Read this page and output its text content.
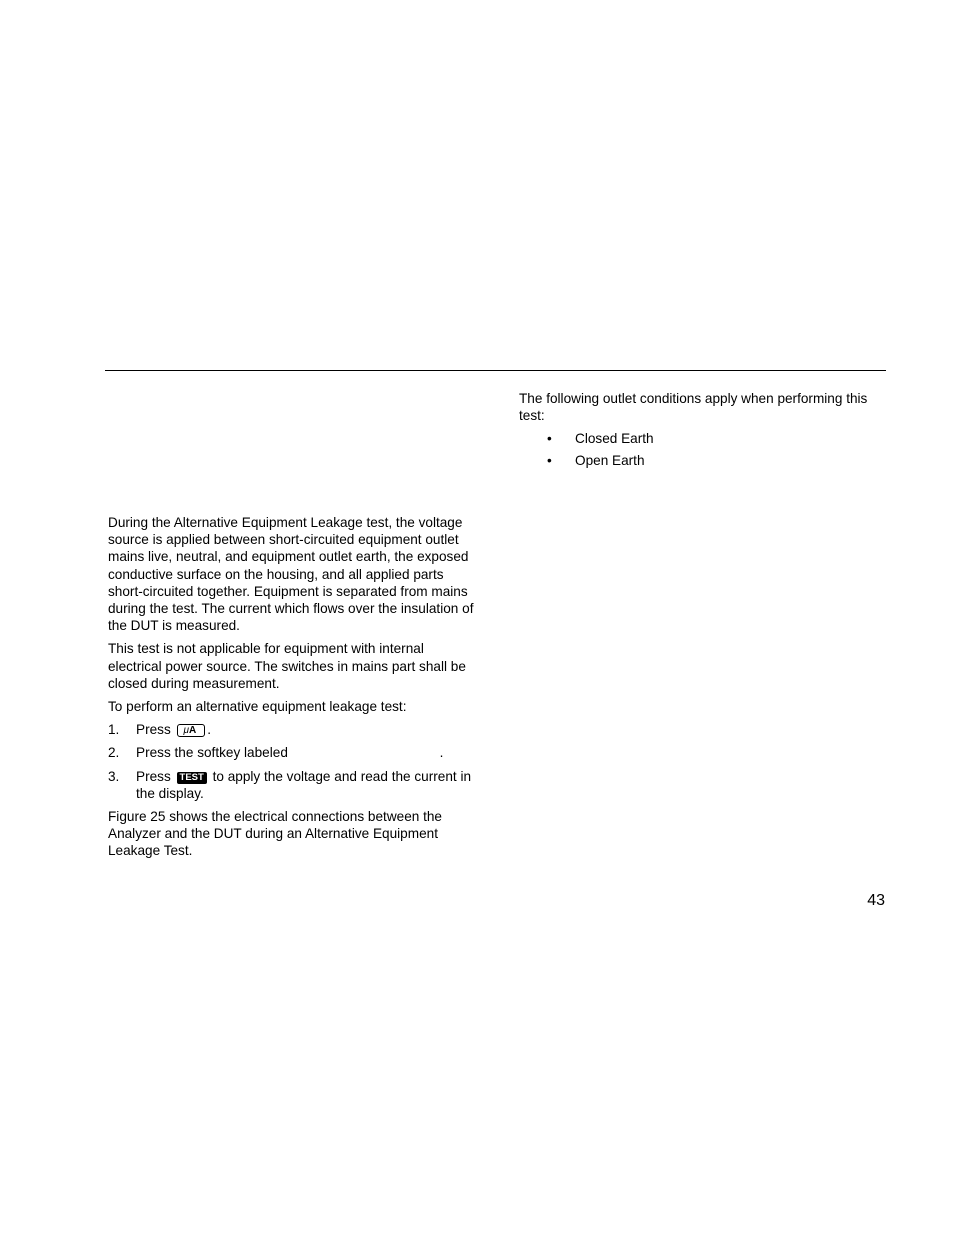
The following outlet conditions apply when performing this test:

• Closed Earth
• Open Earth

During the Alternative Equipment Leakage test, the voltage source is applied between short-circuited equipment outlet mains live, neutral, and equipment outlet earth, the exposed conductive surface on the housing, and all applied parts short-circuited together. Equipment is separated from mains during the test. The current which flows over the insulation of the DUT is measured.

This test is not applicable for equipment with internal electrical power source. The switches in mains part shall be closed during measurement.

To perform an alternative equipment leakage test:

1. Press μA .
2. Press the softkey labeled	.
3. Press TEST to apply the voltage and read the current in the display.

Figure 25 shows the electrical connections between the Analyzer and the DUT during an Alternative Equipment Leakage Test.

43
